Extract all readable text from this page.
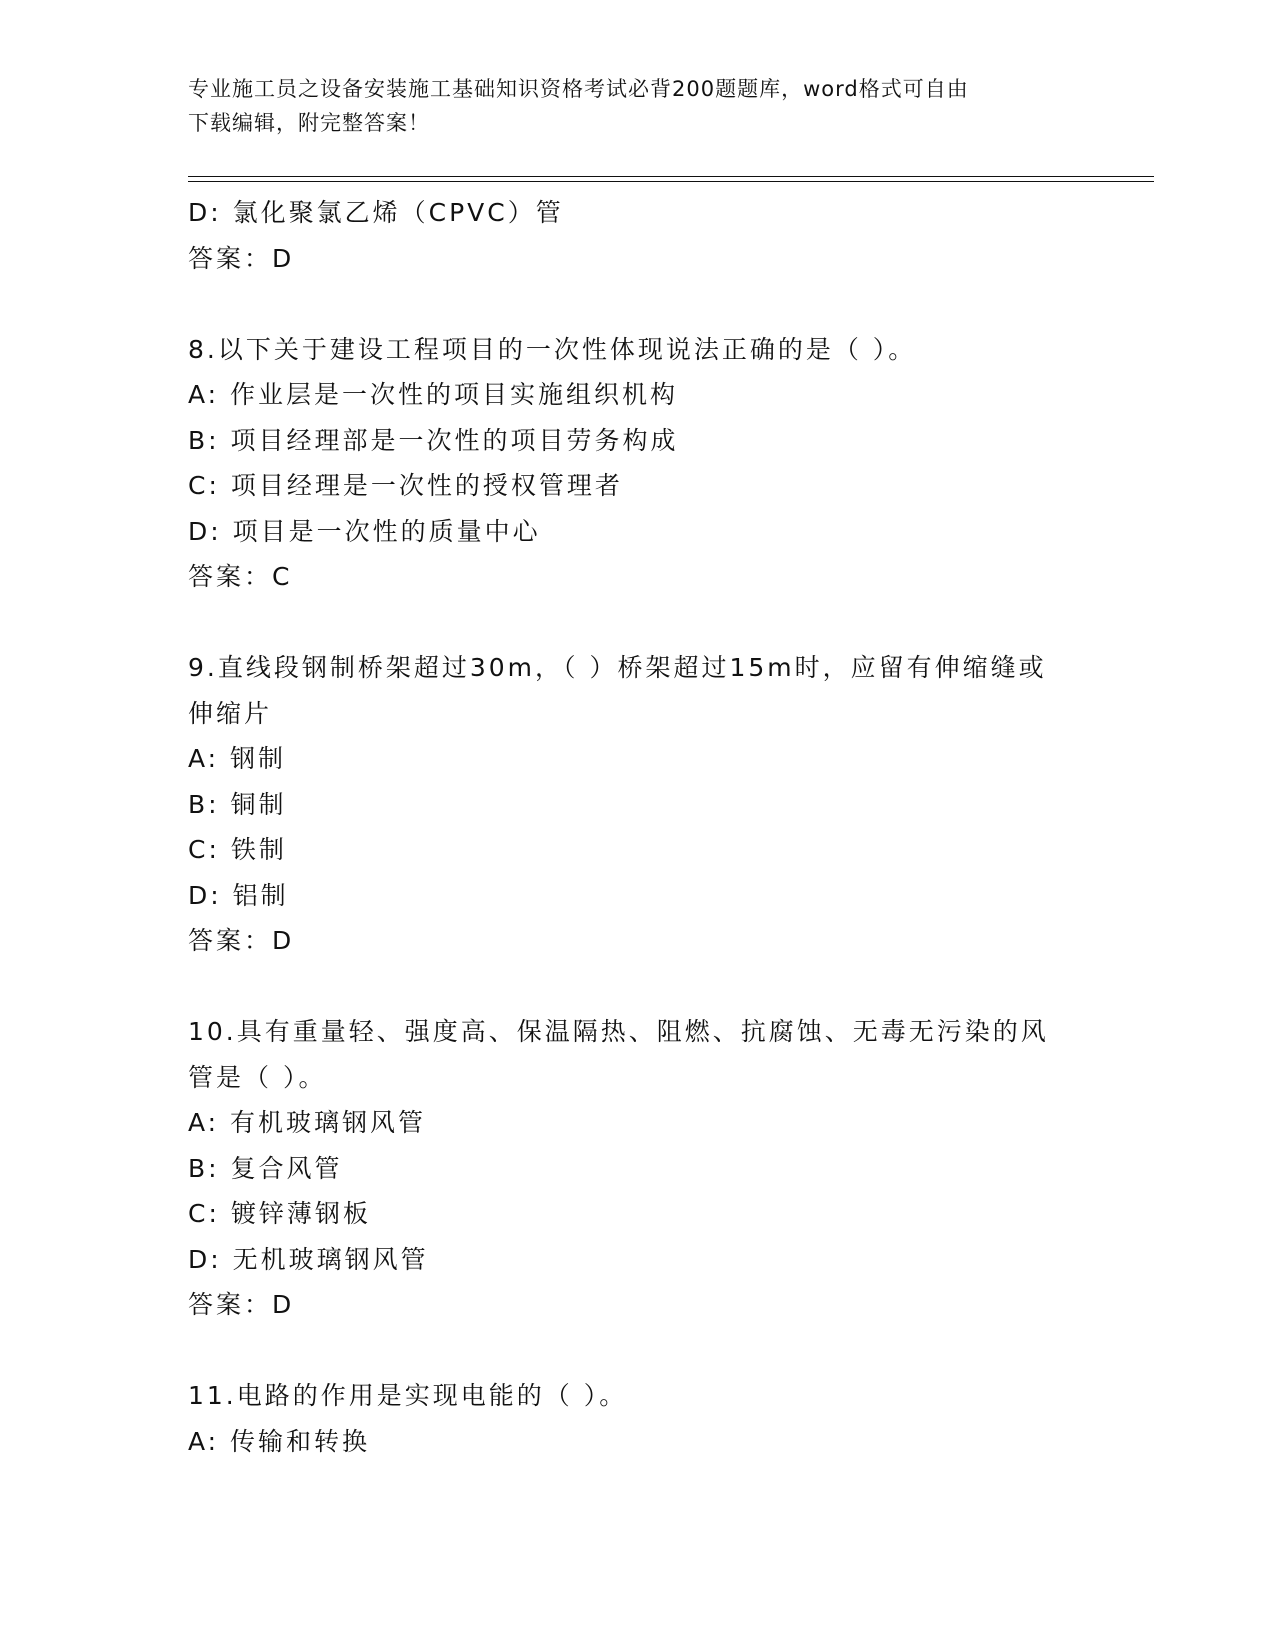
专业施工员之设备安装施工基础知识资格考试必背200题题库，word格式可自由
下载编辑，附完整答案！

D: 氯化聚氯乙烯（CPVC）管

答案：D

8.以下关于建设工程项目的一次性体现说法正确的是（ ）。

A: 作业层是一次性的项目实施组织机构

B: 项目经理部是一次性的项目劳务构成

C: 项目经理是一次性的授权管理者

D: 项目是一次性的质量中心

答案：C

9.直线段钢制桥架超过30m，（ ）桥架超过15m时，应留有伸缩缝或

伸缩片

A: 钢制

B: 铜制

C: 铁制

D: 铝制

答案：D

10.具有重量轻、强度高、保温隔热、阻燃、抗腐蚀、无毒无污染的风

管是（ ）。

A: 有机玻璃钢风管

B: 复合风管

C: 镀锌薄钢板

D: 无机玻璃钢风管

答案：D

11.电路的作用是实现电能的（ ）。

A: 传输和转换
